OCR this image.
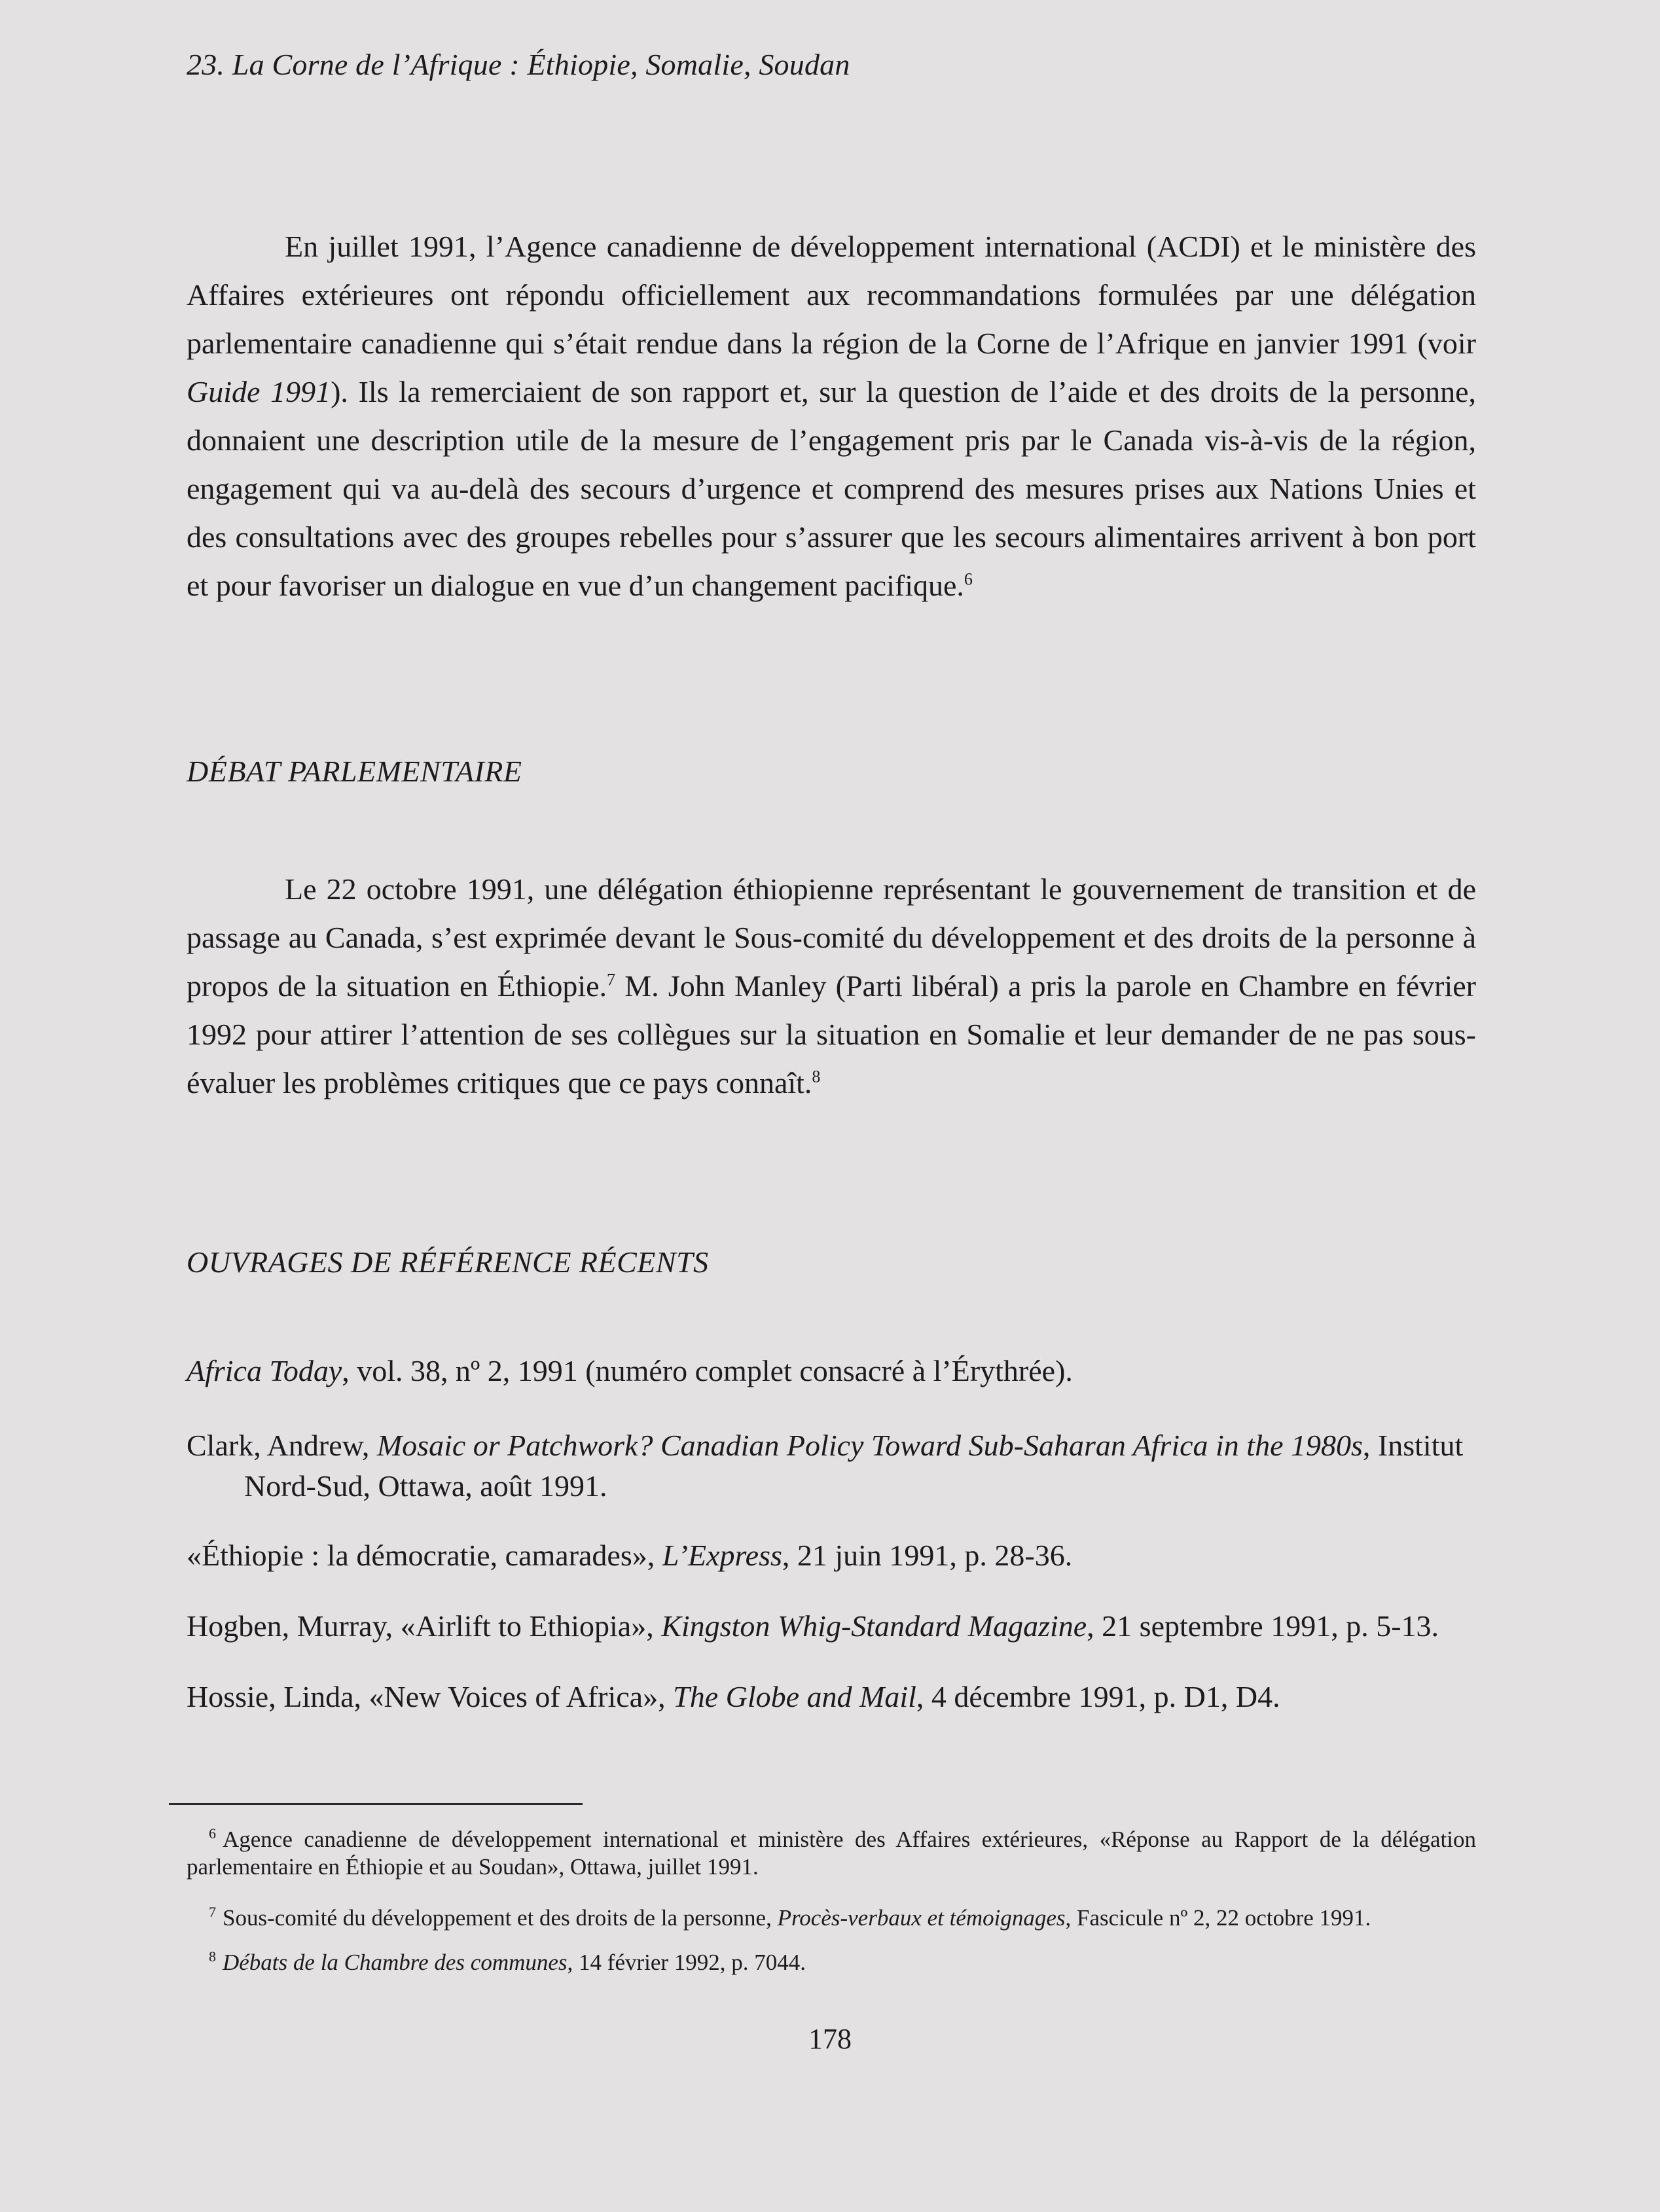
23. La Corne de l’Afrique : Éthiopie, Somalie, Soudan

En juillet 1991, l’Agence canadienne de développement international (ACDI) et le ministère des Affaires extérieures ont répondu officiellement aux recommandations formulées par une délégation parlementaire canadienne qui s’était rendue dans la région de la Corne de l’Afrique en janvier 1991 (voir Guide 1991). Ils la remerciaient de son rapport et, sur la question de l’aide et des droits de la personne, donnaient une description utile de la mesure de l’engagement pris par le Canada vis-à-vis de la région, engagement qui va au-delà des secours d’urgence et comprend des mesures prises aux Nations Unies et des consultations avec des groupes rebelles pour s’assurer que les secours alimentaires arrivent à bon port et pour favoriser un dialogue en vue d’un changement pacifique.$^6$

DÉBAT PARLEMENTAIRE

Le 22 octobre 1991, une délégation éthiopienne représentant le gouvernement de transition et de passage au Canada, s’est exprimée devant le Sous-comité du développement et des droits de la personne à propos de la situation en Éthiopie.$^7$ M. John Manley (Parti libéral) a pris la parole en Chambre en février 1992 pour attirer l’attention de ses collègues sur la situation en Somalie et leur demander de ne pas sous-évaluer les problèmes critiques que ce pays connaît.$^8$

OUVRAGES DE RÉFÉRENCE RÉCENTS
Africa Today, vol. 38, nº 2, 1991 (numéro complet consacré à l’Érythrée).
Clark, Andrew, Mosaic or Patchwork? Canadian Policy Toward Sub-Saharan Africa in the 1980s, Institut Nord-Sud, Ottawa, août 1991.
«Éthiopie : la démocratie, camarades», L’Express, 21 juin 1991, p. 28-36.
Hogben, Murray, «Airlift to Ethiopia», Kingston Whig-Standard Magazine, 21 septembre 1991, p. 5-13.
Hossie, Linda, «New Voices of Africa», The Globe and Mail, 4 décembre 1991, p. D1, D4.
$^6$ Agence canadienne de développement international et ministère des Affaires extérieures, «Réponse au Rapport de la délégation parlementaire en Éthiopie et au Soudan», Ottawa, juillet 1991.
$^7$ Sous-comité du développement et des droits de la personne, Procès-verbaux et témoignages, Fascicule nº 2, 22 octobre 1991.
$^8$ Débats de la Chambre des communes, 14 février 1992, p. 7044.
178
